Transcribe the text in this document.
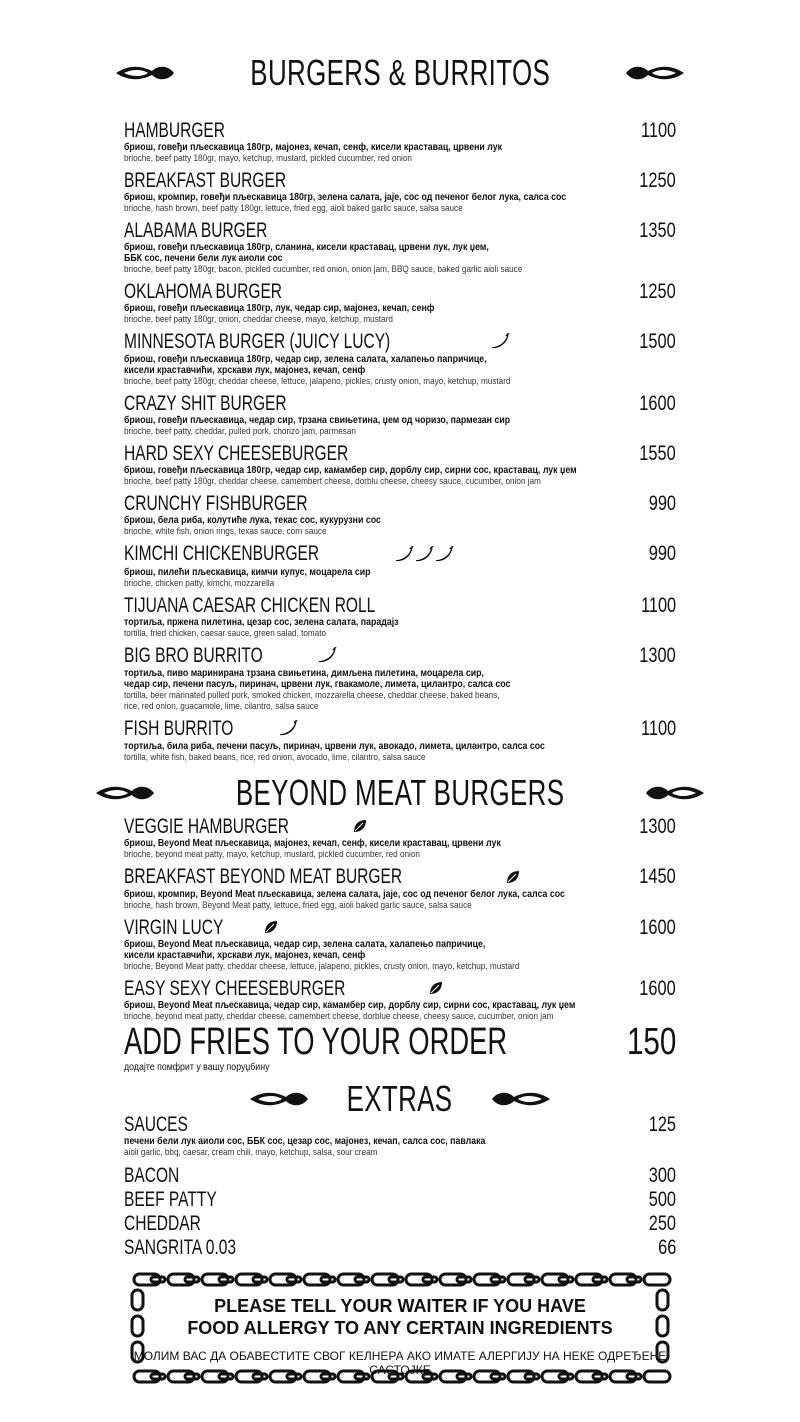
BURGERS & BURRITOS
HAMBURGER	1100
бриош, говеђи пљескавица 180гр, мајонез, кечап, сенф, кисели краставац, црвени лук
brioche, beef patty 180gr, mayo, ketchup, mustard, pickled cucumber, red onion
BREAKFAST BURGER	1250
бриош, кромпир, говеђи пљескавица 180гр, зелена салата, јаје, сос од печеног белог лука, салса сос
brioche, hash brown, beef patty 180gr, lettuce, fried egg, aioli baked garlic sauce, salsa sauce
ALABAMA BURGER	1350
бриош, говеђи пљескавица 180гр, сланина, кисели краставац, црвени лук, лук џем,
ББК сос, печени бели лук аиоли сос
brioche, beef patty 180gr, bacon, pickled cucumber, red onion, onion jam, BBQ sauce, baked garlic aioli sauce
OKLAHOMA BURGER	1250
бриош, говеђи пљескавица 180гр, лук, чедар сир, мајонез, кечап, сенф
brioche, beef patty 180gr, onion, cheddar cheese, mayo, ketchup, mustard
MINNESOTA BURGER (JUICY LUCY)	1500
бриош, говеђи пљескавица 180гр, чедар сир, зелена салата, халапењо папричице,
кисели краставчићи, хрскави лук, мајонез, кечап, сенф
brioche, beef patty 180gr, cheddar cheese, lettuce, jalapeno, pickles, crusty onion, mayo, ketchup, mustard
CRAZY SHIT BURGER	1600
бриош, говеђи пљескавица, чедар сир, трзана свињетина, џем од чоризо, пармезан сир
brioche, beef patty, cheddar, pulled pork, chorizo jam, parmesan
HARD SEXY CHEESEBURGER	1550
бриош, говеђи пљескавица 180гр, чедар сир, камамбер сир, дорблу сир, сирни сос, краставац, лук џем
brioche, beef patty 180gr, cheddar cheese, camembert cheese, dorblu cheese, cheesy sauce, cucumber, onion jam
CRUNCHY FISHBURGER	990
бриош, бела риба, колутиће лука, текас сос, кукурузни сос
brioche, white fish, onion rings, texas sauce, corn sauce
KIMCHI CHICKENBURGER	990
бриош, пилећи пљескавица, кимчи купус, моцарела сир
brioche, chicken patty, kimchi, mozzarella
TIJUANA CAESAR CHICKEN ROLL	1100
тортиља, пржена пилетина, цезар сос, зелена салата, парадајз
tortilla, fried chicken, caesar sauce, green salad, tomato
BIG BRO BURRITO	1300
тортиља, пиво маринирана трзана свињетина, димљена пилетина, моцарела сир,
чедар сир, печени пасуљ, пиринач, црвени лук, гвакамоле, лимета, цилантро, салса сос
tortilla, beer marinated pulled pork, smoked chicken, mozzarella cheese, cheddar cheese, baked beans,
rice, red onion, guacamole, lime, cilantro, salsa sauce
FISH BURRITO	1100
тортиља, била риба, печени пасуљ, пиринач, црвени лук, авокадо, лимета, цилантро, салса сос
tortilla, white fish, baked beans, rice, red onion, avocado, lime, cilantro, salsa sauce
BEYOND MEAT BURGERS
VEGGIE HAMBURGER	1300
бриош, Beyond Meat пљескавица, мајонез, кечап, сенф, кисели краставац, црвени лук
brioche, beyond meat patty, mayo, ketchup, mustard, pickled cucumber, red onion
BREAKFAST BEYOND MEAT BURGER	1450
бриош, кромпир, Beyond Meat пљескавица, зелена салата, јаје, сос од печеног белог лука, салса сос
brioche, hash brown, Beyond Meat patty, lettuce, fried egg, aioli baked garlic sauce, salsa sauce
VIRGIN LUCY	1600
бриош, Beyond Meat пљескавица, чедар сир, зелена салата, халапењо папричице,
кисели краставчићи, хрскави лук, мајонез, кечап, сенф
brioche, Beyond Meat patty, cheddar cheese, lettuce, jalapeno, pickles, crusty onion, mayo, ketchup, mustard
EASY SEXY CHEESEBURGER	1600
бриош, Beyond Meat пљескавица, чедар сир, камамбер сир, дорблу сир, сирни сос, краставац, лук џем
brioche, beyond meat patty, cheddar cheese, camembert cheese, dorblue cheese, cheesy sauce, cucumber, onion jam
ADD FRIES TO YOUR ORDER	150
додајте помфрит у вашу поруџбину
EXTRAS
SAUCES	125
печени бели лук аиоли сос, ББК сос, цезар сос, мајонез, кечап, салса сос, павлака
aioli garlic, bbq, caesar, cream chili, mayo, ketchup, salsa, sour cream
BACON	300
BEEF PATTY	500
CHEDDAR	250
SANGRITA 0.03	66
PLEASE TELL YOUR WAITER IF YOU HAVE
FOOD ALLERGY TO ANY CERTAIN INGREDIENTS
МОЛИМ ВАС ДА ОБАВЕСТИТЕ СВОГ КЕЛНЕРА АКО ИМАТЕ АЛЕРГИЈУ НА НЕКЕ ОДРЕЂЕНЕ САСТОЈКЕ
